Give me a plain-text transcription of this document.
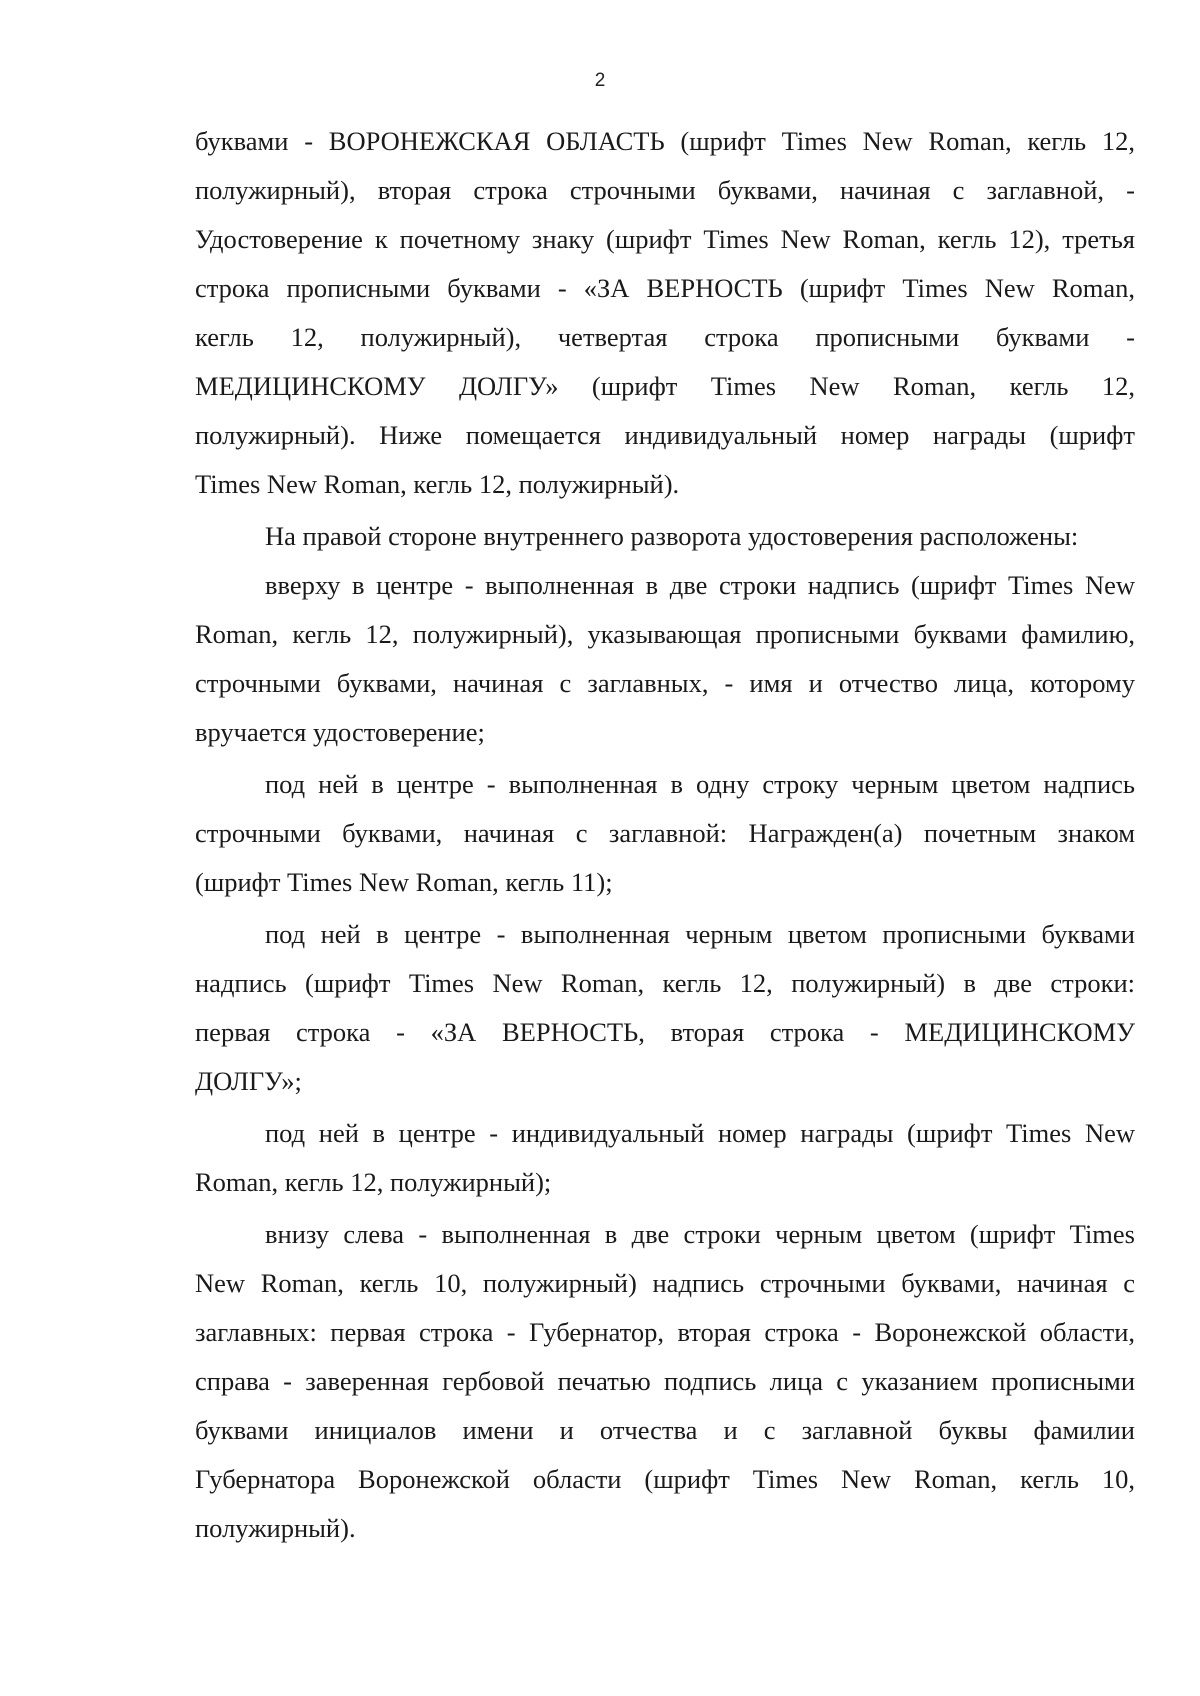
2
буквами - ВОРОНЕЖСКАЯ ОБЛАСТЬ (шрифт Times New Roman, кегль 12,
полужирный), вторая строка строчными буквами, начиная с заглавной, -
Удостоверение к почетному знаку (шрифт Times New Roman, кегль 12), третья
строка прописными буквами - «ЗА ВЕРНОСТЬ (шрифт Times New Roman,
кегль 12, полужирный), четвертая строка прописными буквами -
МЕДИЦИНСКОМУ ДОЛГУ» (шрифт Times New Roman, кегль 12,
полужирный). Ниже помещается индивидуальный номер награды (шрифт
Times New Roman, кегль 12, полужирный).
На правой стороне внутреннего разворота удостоверения расположены:
вверху в центре - выполненная в две строки надпись (шрифт Times New
Roman, кегль 12, полужирный), указывающая прописными буквами фамилию,
строчными буквами, начиная с заглавных, - имя и отчество лица, которому
вручается удостоверение;
под ней в центре - выполненная в одну строку черным цветом надпись
строчными буквами, начиная с заглавной: Награжден(а) почетным знаком
(шрифт Times New Roman, кегль 11);
под ней в центре - выполненная черным цветом прописными буквами
надпись (шрифт Times New Roman, кегль 12, полужирный) в две строки:
первая строка - «ЗА ВЕРНОСТЬ, вторая строка - МЕДИЦИНСКОМУ
ДОЛГУ»;
под ней в центре - индивидуальный номер награды (шрифт Times New
Roman, кегль 12, полужирный);
внизу слева - выполненная в две строки черным цветом (шрифт Times
New Roman, кегль 10, полужирный) надпись строчными буквами, начиная с
заглавных: первая строка - Губернатор, вторая строка - Воронежской области,
справа - заверенная гербовой печатью подпись лица с указанием прописными
буквами инициалов имени и отчества и с заглавной буквы фамилии
Губернатора Воронежской области (шрифт Times New Roman, кегль 10,
полужирный).
